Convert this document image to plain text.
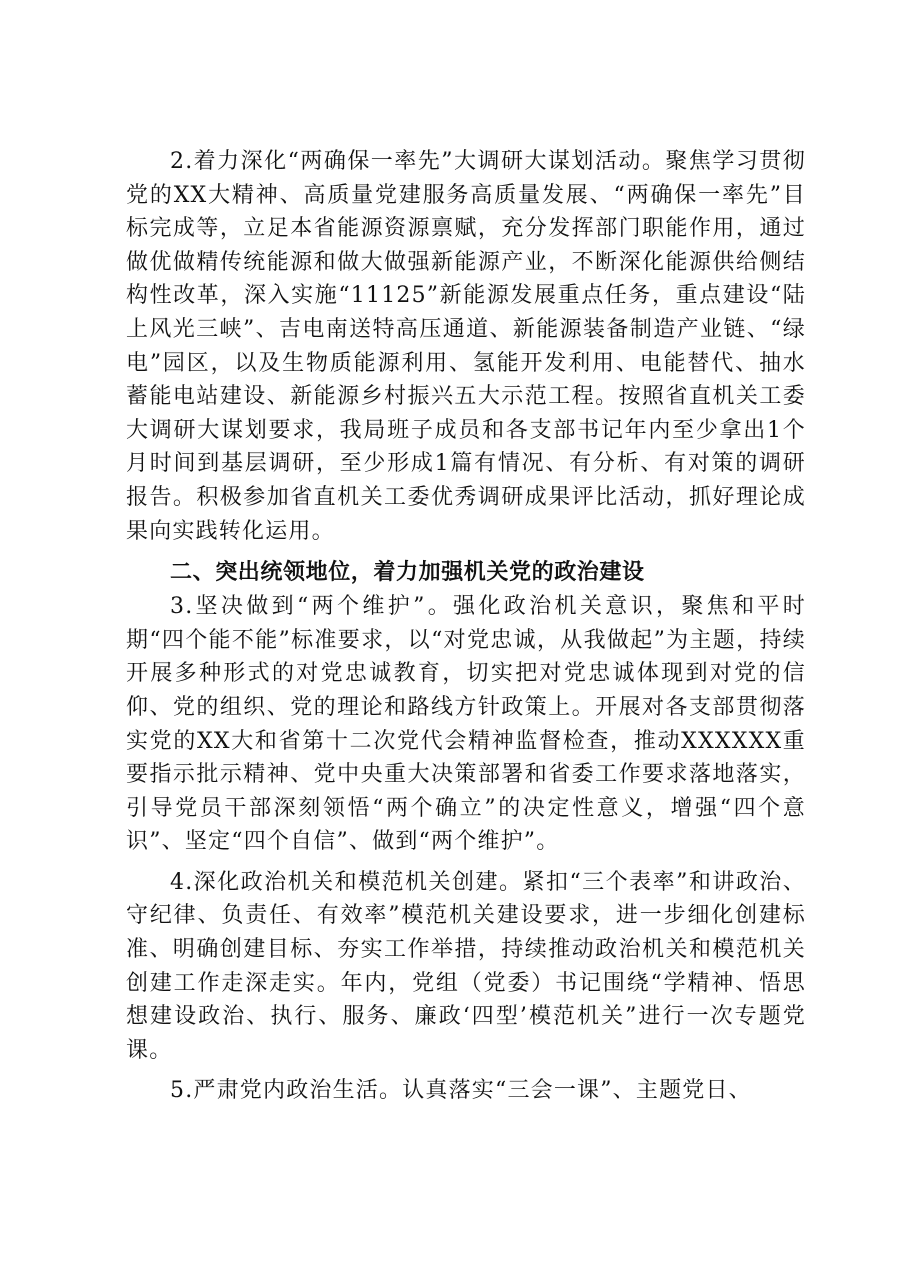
2.着力深化“两确保一率先”大调研大谋划活动。聚焦学习贯彻党的XX大精神、高质量党建服务高质量发展、“两确保一率先”目标完成等，立足本省能源资源禀赋，充分发挥部门职能作用，通过做优做精传统能源和做大做强新能源产业，不断深化能源供给侧结构性改革，深入实施“11125”新能源发展重点任务，重点建设“陆上风光三峡”、吉电南送特高压通道、新能源装备制造产业链、“绿电”园区，以及生物质能源利用、氢能开发利用、电能替代、抽水蓄能电站建设、新能源乡村振兴五大示范工程。按照省直机关工委大调研大谋划要求，我局班子成员和各支部书记年内至少拿出1个月时间到基层调研，至少形成1篇有情况、有分析、有对策的调研报告。积极参加省直机关工委优秀调研成果评比活动，抓好理论成果向实践转化运用。

二、突出统领地位，着力加强机关党的政治建设

3.坚决做到“两个维护”。强化政治机关意识，聚焦和平时期“四个能不能”标准要求，以“对党忠诚，从我做起”为主题，持续开展多种形式的对党忠诚教育，切实把对党忠诚体现到对党的信仰、党的组织、党的理论和路线方针政策上。开展对各支部贯彻落实党的XX大和省第十二次党代会精神监督检查，推动XXXXXX重要指示批示精神、党中央重大决策部署和省委工作要求落地落实，引导党员干部深刻领悟“两个确立”的决定性意义，增强“四个意识”、坚定“四个自信”、做到“两个维护”。

4.深化政治机关和模范机关创建。紧扣“三个表率”和讲政治、守纪律、负责任、有效率”模范机关建设要求，进一步细化创建标准、明确创建目标、夯实工作举措，持续推动政治机关和模范机关创建工作走深走实。年内，党组（党委）书记围绕“学精神、悟思想建设政治、执行、服务、廉政‘四型’模范机关”进行一次专题党课。

5.严肃党内政治生活。认真落实“三会一课”、主题党日、
